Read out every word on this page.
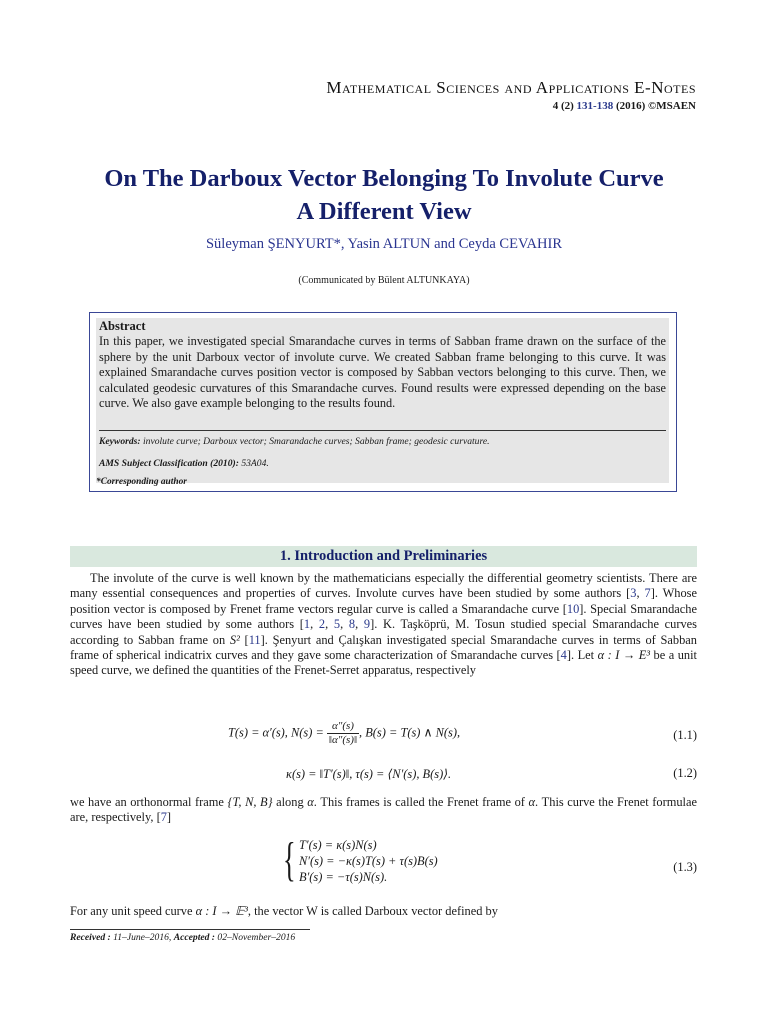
Mathematical Sciences and Applications E-Notes
4 (2) 131-138 (2016) ©MSAEN
On The Darboux Vector Belonging To Involute Curve
A Different View
Süleyman ŞENYURT*, Yasin ALTUN and Ceyda CEVAHIR
(Communicated by Bülent ALTUNKAYA)
Abstract
In this paper, we investigated special Smarandache curves in terms of Sabban frame drawn on the surface of the sphere by the unit Darboux vector of involute curve. We created Sabban frame belonging to this curve. It was explained Smarandache curves position vector is composed by Sabban vectors belonging to this curve. Then, we calculated geodesic curvatures of this Smarandache curves. Found results were expressed depending on the base curve. We also gave example belonging to the results found.
Keywords: involute curve; Darboux vector; Smarandache curves; Sabban frame; geodesic curvature.
AMS Subject Classification (2010): 53A04.
*Corresponding author
1. Introduction and Preliminaries
The involute of the curve is well known by the mathematicians especially the differential geometry scientists. There are many essential consequences and properties of curves. Involute curves have been studied by some authors [3, 7]. Whose position vector is composed by Frenet frame vectors regular curve is called a Smarandache curve [10]. Special Smarandache curves have been studied by some authors [1, 2, 5, 8, 9]. K. Taşköprü, M. Tosun studied special Smarandache curves according to Sabban frame on S² [11]. Şenyurt and Çalışkan investigated special Smarandache curves in terms of Sabban frame of spherical indicatrix curves and they gave some characterization of Smarandache curves [4]. Let α : I → E³ be a unit speed curve, we defined the quantities of the Frenet-Serret apparatus, respectively
T(s) = α′(s), $N(s) = \frac{\alpha''(s)}{‖\alpha''(s)‖}$ , B(s) = T(s) ∧ N(s),	(1.1)
κ(s) = ‖T′(s)‖, τ(s) = ⟨N′(s), B(s)⟩.	(1.2)
we have an orthonormal frame {T, N, B} along α. This frames is called the Frenet frame of α. This curve the Frenet formulae are, respectively, [7]
{ T′(s) = κ(s)N(s)
N′(s) = −κ(s)T(s) + τ(s)B(s)
B′(s) = −τ(s)N(s).
(1.3)
For any unit speed curve α : I → 𝔼³, the vector W is called Darboux vector defined by
Received : 11–June–2016, Accepted : 02–November–2016
